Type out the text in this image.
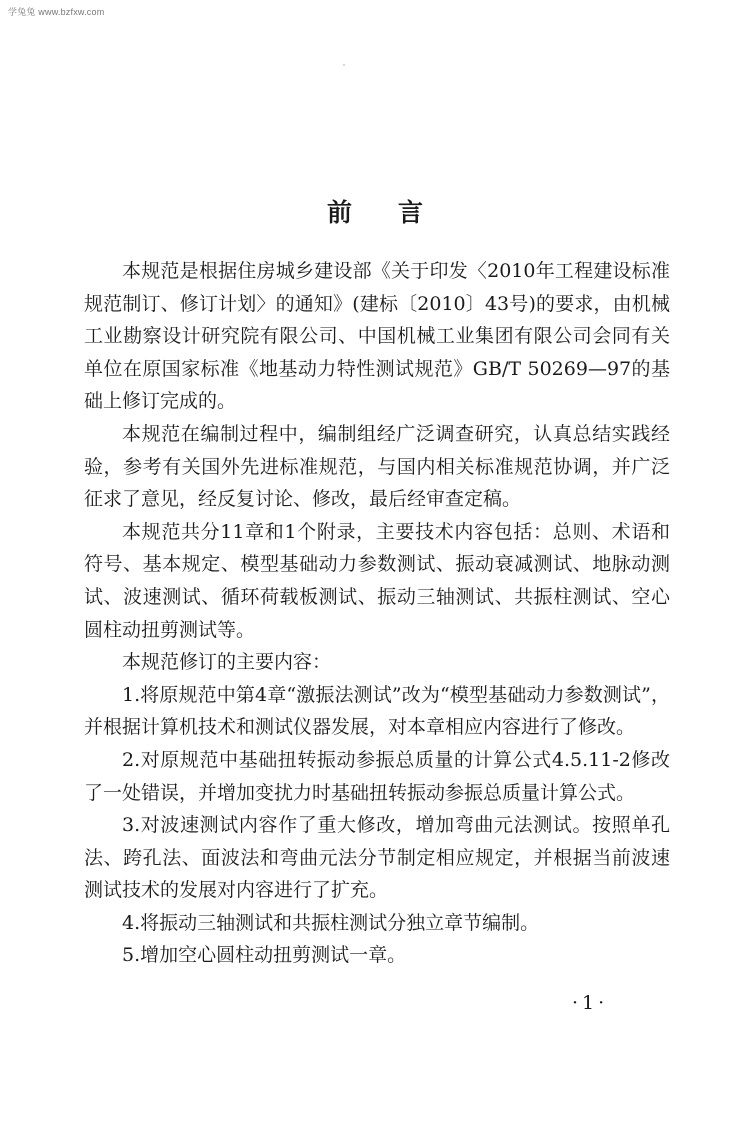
学兔兔 www.bzfxw.com
前言

本规范是根据住房城乡建设部《关于印发〈2010年工程建设标准规范制订、修订计划〉的通知》(建标〔2010〕43号)的要求，由机械工业勘察设计研究院有限公司、中国机械工业集团有限公司会同有关单位在原国家标准《地基动力特性测试规范》GB/T 50269—97的基础上修订完成的。

本规范在编制过程中，编制组经广泛调查研究，认真总结实践经验，参考有关国外先进标准规范，与国内相关标准规范协调，并广泛征求了意见，经反复讨论、修改，最后经审查定稿。

本规范共分11章和1个附录，主要技术内容包括：总则、术语和符号、基本规定、模型基础动力参数测试、振动衰减测试、地脉动测试、波速测试、循环荷载板测试、振动三轴测试、共振柱测试、空心圆柱动扭剪测试等。

本规范修订的主要内容：

1.将原规范中第4章“激振法测试”改为“模型基础动力参数测试”，并根据计算机技术和测试仪器发展，对本章相应内容进行了修改。

2.对原规范中基础扭转振动参振总质量的计算公式4.5.11-2修改了一处错误，并增加变扰力时基础扭转振动参振总质量计算公式。

3.对波速测试内容作了重大修改，增加弯曲元法测试。按照单孔法、跨孔法、面波法和弯曲元法分节制定相应规定，并根据当前波速测试技术的发展对内容进行了扩充。

4.将振动三轴测试和共振柱测试分独立章节编制。

5.增加空心圆柱动扭剪测试一章。

·1·
